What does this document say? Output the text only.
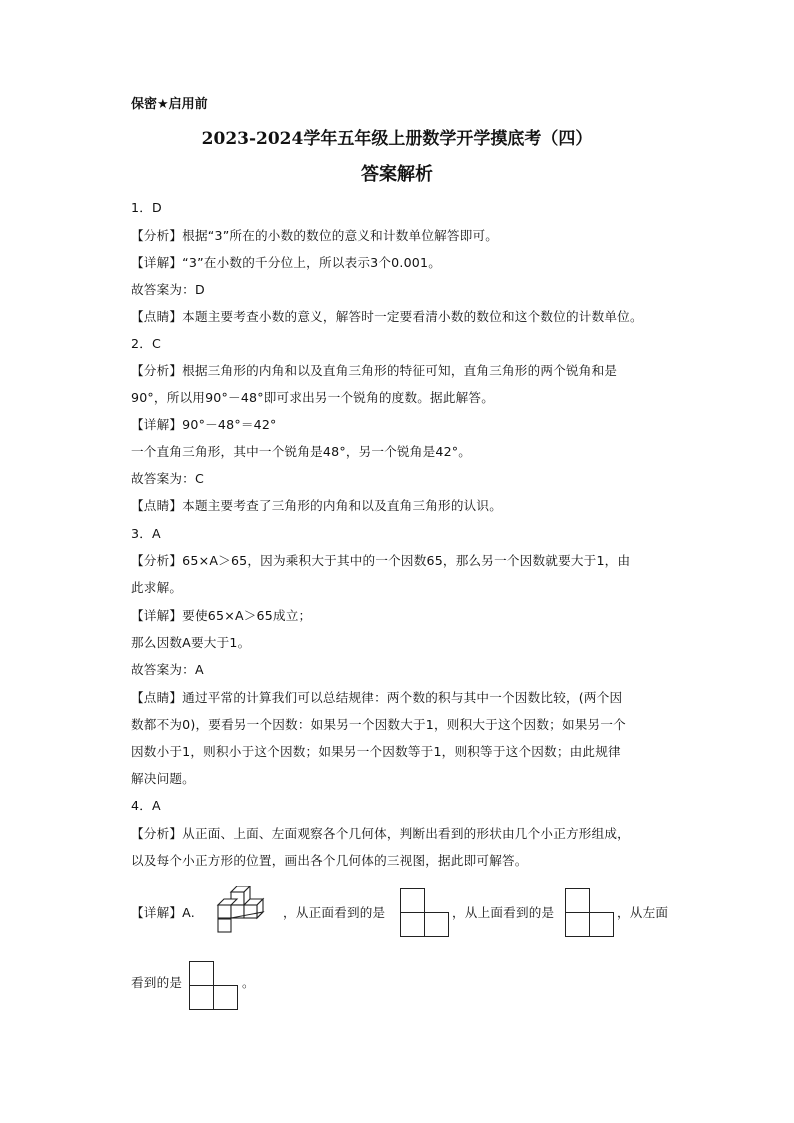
保密★启用前
2023-2024学年五年级上册数学开学摸底考（四）
答案解析
1．D
【分析】根据“3”所在的小数的数位的意义和计数单位解答即可。
【详解】“3”在小数的千分位上，所以表示3个0.001。
故答案为：D
【点睛】本题主要考查小数的意义，解答时一定要看清小数的数位和这个数位的计数单位。
2．C
【分析】根据三角形的内角和以及直角三角形的特征可知，直角三角形的两个锐角和是
90°，所以用90°－48°即可求出另一个锐角的度数。据此解答。
【详解】90°－48°＝42°
一个直角三角形，其中一个锐角是48°，另一个锐角是42°。
故答案为：C
【点睛】本题主要考查了三角形的内角和以及直角三角形的认识。
3．A
【分析】65×A＞65，因为乘积大于其中的一个因数65，那么另一个因数就要大于1，由
此求解。
【详解】要使65×A＞65成立；
那么因数A要大于1。
故答案为：A
【点睛】通过平常的计算我们可以总结规律：两个数的积与其中一个因数比较，(两个因
数都不为0)，要看另一个因数：如果另一个因数大于1，则积大于这个因数；如果另一个
因数小于1，则积小于这个因数；如果另一个因数等于1，则积等于这个因数；由此规律
解决问题。
4．A
【分析】从正面、上面、左面观察各个几何体，判断出看到的形状由几个小正方形组成，
以及每个小正方形的位置，画出各个几何体的三视图，据此即可解答。
【详解】A.	，从正面看到的是	，从上面看到的是	，从左面
看到的是	。
